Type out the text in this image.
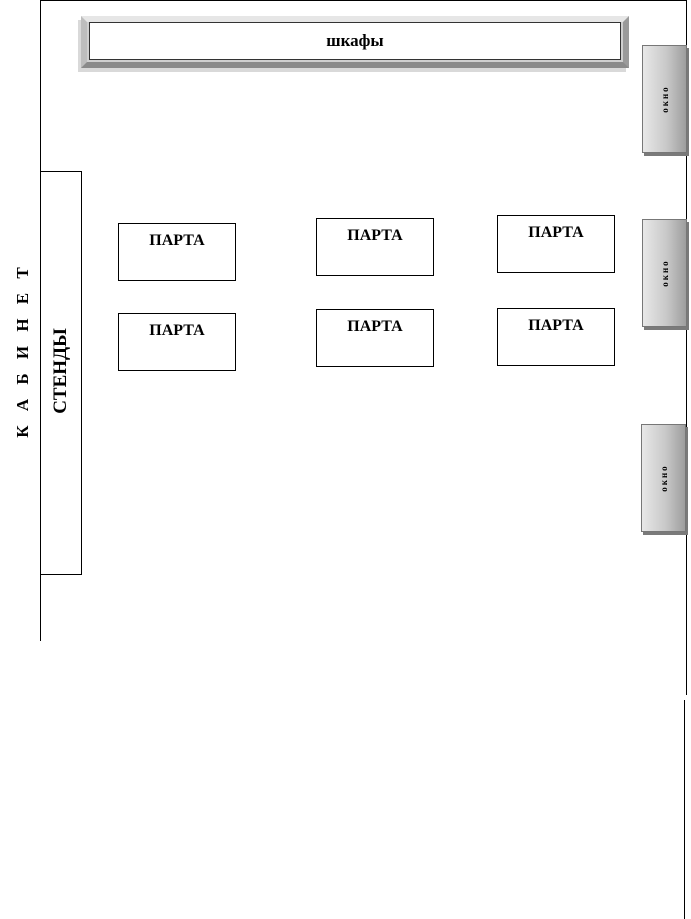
К А Б И Н Е Т СТЕНДЫ
шкафы
ПАРТА
ПАРТА
ПАРТА
ПАРТА
ПАРТА
ПАРТА
окно
окно
окно
